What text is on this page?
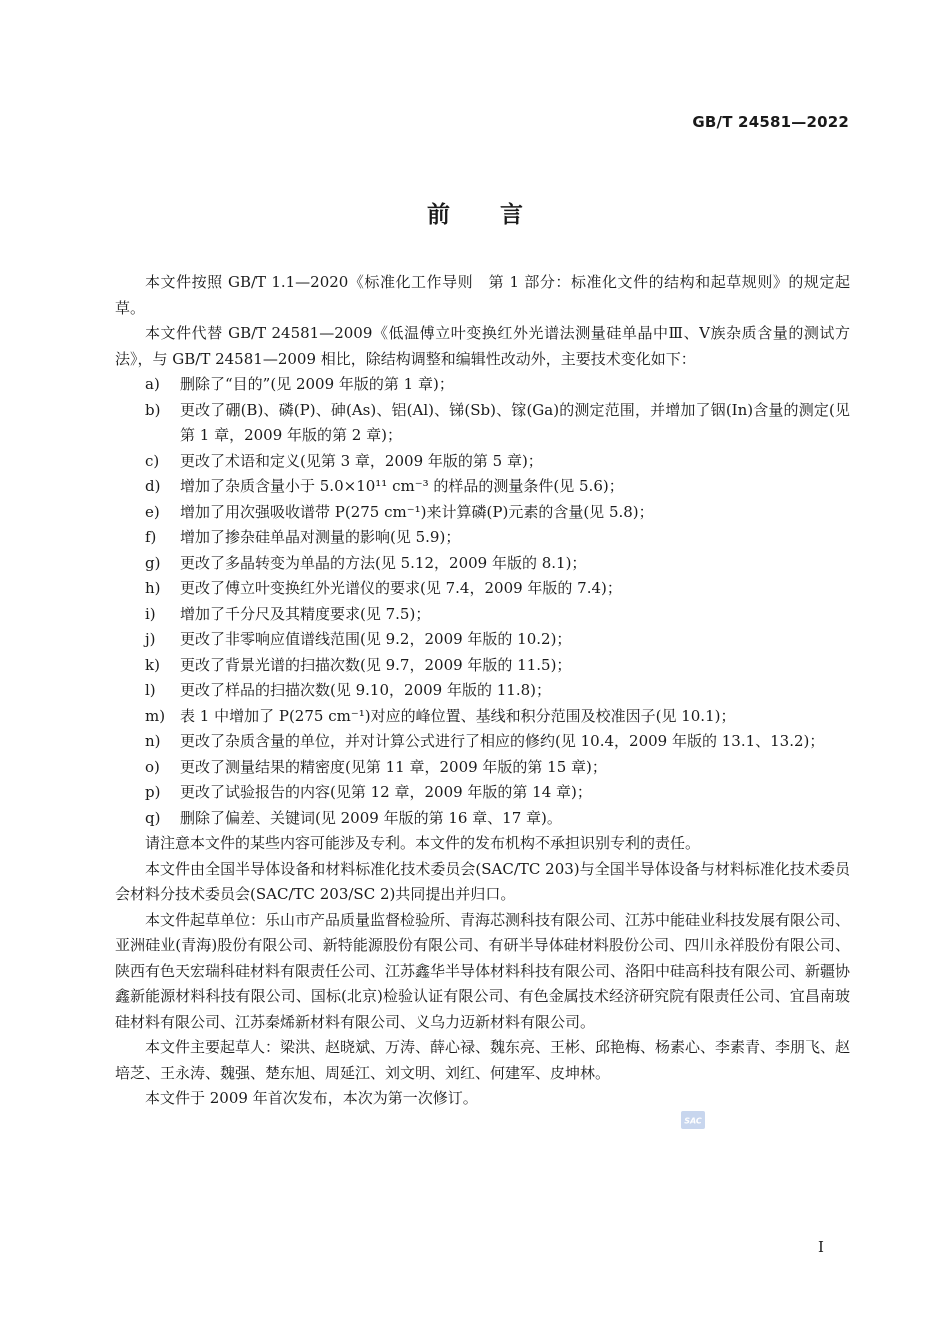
GB/T 24581—2022
前言

本文件按照 GB/T 1.1—2020《标准化工作导则　第 1 部分：标准化文件的结构和起草规则》的规定起草。

本文件代替 GB/T 24581—2009《低温傅立叶变换红外光谱法测量硅单晶中Ⅲ、Ⅴ族杂质含量的测试方法》，与 GB/T 24581—2009 相比，除结构调整和编辑性改动外，主要技术变化如下：

a)	删除了“目的”(见 2009 年版的第 1 章)；
b)	更改了硼(B)、磷(P)、砷(As)、铝(Al)、锑(Sb)、镓(Ga)的测定范围，并增加了铟(In)含量的测定(见第 1 章，2009 年版的第 2 章)；
c)	更改了术语和定义(见第 3 章，2009 年版的第 5 章)；
d)	增加了杂质含量小于 5.0×10¹¹ cm⁻³ 的样品的测量条件(见 5.6)；
e)	增加了用次强吸收谱带 P(275 cm⁻¹)来计算磷(P)元素的含量(见 5.8)；
f)	增加了掺杂硅单晶对测量的影响(见 5.9)；
g)	更改了多晶转变为单晶的方法(见 5.12，2009 年版的 8.1)；
h)	更改了傅立叶变换红外光谱仪的要求(见 7.4，2009 年版的 7.4)；
i)	增加了千分尺及其精度要求(见 7.5)；
j)	更改了非零响应值谱线范围(见 9.2，2009 年版的 10.2)；
k)	更改了背景光谱的扫描次数(见 9.7，2009 年版的 11.5)；
l)	更改了样品的扫描次数(见 9.10，2009 年版的 11.8)；
m) 表 1 中增加了 P(275 cm⁻¹)对应的峰位置、基线和积分范围及校准因子(见 10.1)；
n)	更改了杂质含量的单位，并对计算公式进行了相应的修约(见 10.4，2009 年版的 13.1、13.2)；
o)	更改了测量结果的精密度(见第 11 章，2009 年版的第 15 章)；
p)	更改了试验报告的内容(见第 12 章，2009 年版的第 14 章)；
q)	删除了偏差、关键词(见 2009 年版的第 16 章、17 章)。

请注意本文件的某些内容可能涉及专利。本文件的发布机构不承担识别专利的责任。

本文件由全国半导体设备和材料标准化技术委员会(SAC/TC 203)与全国半导体设备与材料标准化技术委员会材料分技术委员会(SAC/TC 203/SC 2)共同提出并归口。

本文件起草单位：乐山市产品质量监督检验所、青海芯测科技有限公司、江苏中能硅业科技发展有限公司、亚洲硅业(青海)股份有限公司、新特能源股份有限公司、有研半导体硅材料股份公司、四川永祥股份有限公司、陕西有色天宏瑞科硅材料有限责任公司、江苏鑫华半导体材料科技有限公司、洛阳中硅高科技有限公司、新疆协鑫新能源材料科技有限公司、国标(北京)检验认证有限公司、有色金属技术经济研究院有限责任公司、宜昌南玻硅材料有限公司、江苏秦烯新材料有限公司、义乌力迈新材料有限公司。

本文件主要起草人：梁洪、赵晓斌、万涛、薛心禄、魏东亮、王彬、邱艳梅、杨素心、李素青、李朋飞、赵培芝、王永涛、魏强、楚东旭、周延江、刘文明、刘红、何建军、皮坤林。

本文件于 2009 年首次发布，本次为第一次修订。

SAC
I
